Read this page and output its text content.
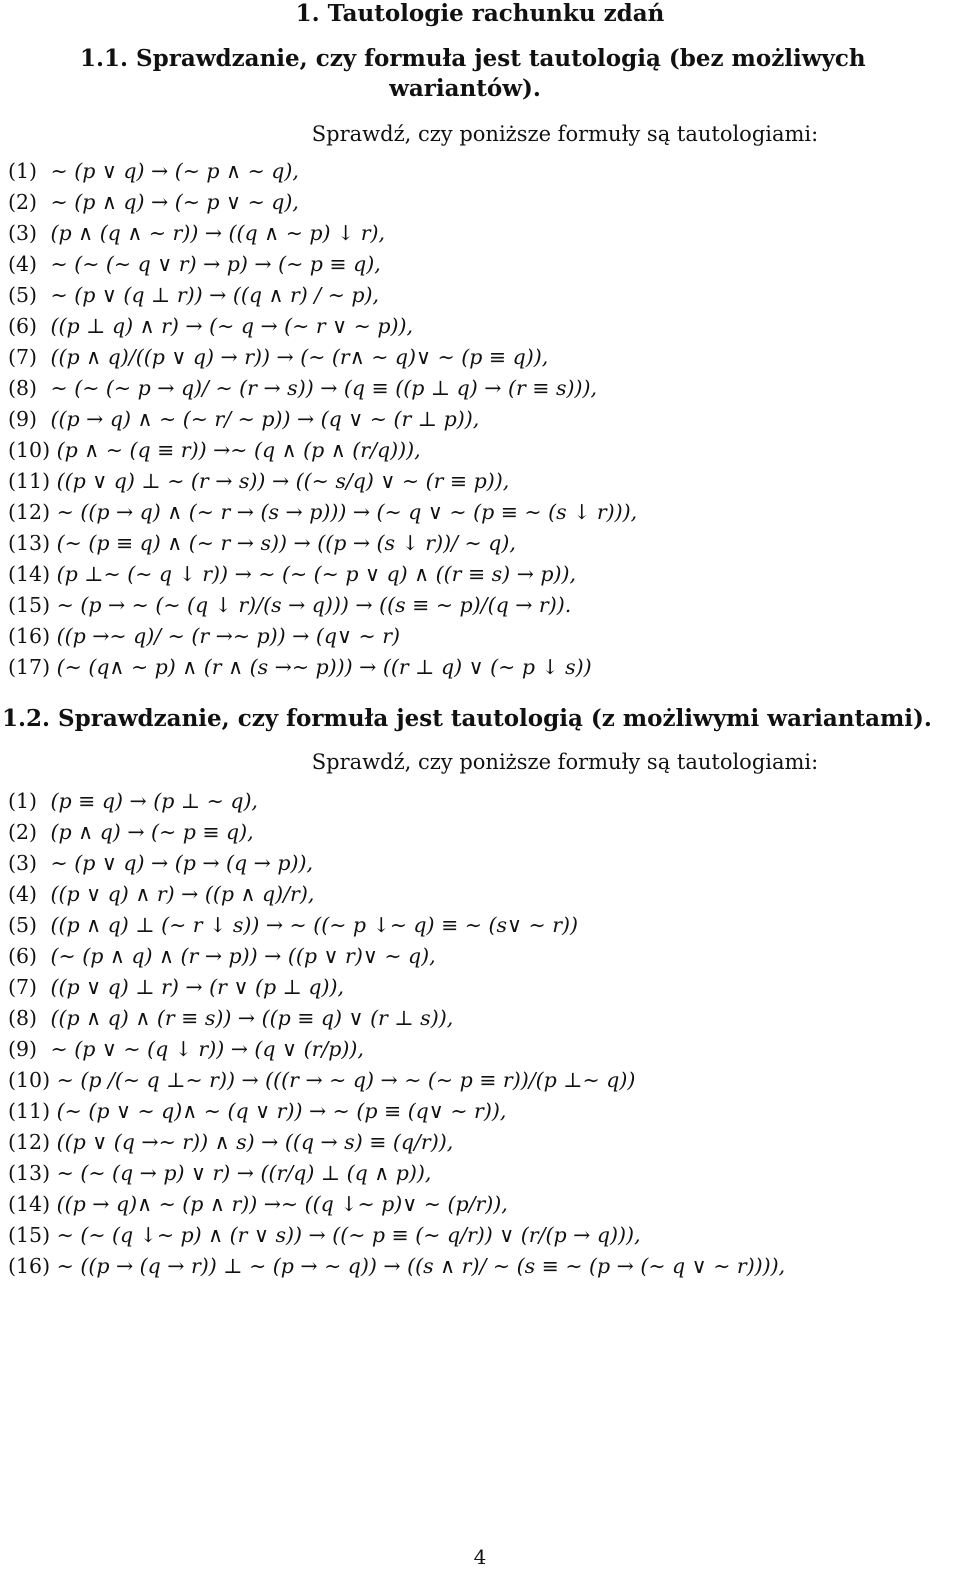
1. Tautologie rachunku zdań
1.1. Sprawdzanie, czy formuła jest tautologią (bez możliwych
wariantów).
Sprawdź, czy poniższe formuły są tautologiami:
(1) ∼ (p ∨ q) → (∼ p ∧ ∼ q),
(2) ∼ (p ∧ q) → (∼ p ∨ ∼ q),
(3) (p ∧ (q ∧ ∼ r)) → ((q ∧ ∼ p) ↓ r),
(4) ∼ (∼ (∼ q ∨ r) → p) → (∼ p ≡ q),
(5) ∼ (p ∨ (q ⊥ r)) → ((q ∧ r) / ∼ p),
(6) ((p ⊥ q) ∧ r) → (∼ q → (∼ r ∨ ∼ p)),
(7) ((p ∧ q)/((p ∨ q) → r)) → (∼ (r∧ ∼ q)∨ ∼ (p ≡ q)),
(8) ∼ (∼ (∼ p → q)/ ∼ (r → s)) → (q ≡ ((p ⊥ q) → (r ≡ s))),
(9) ((p → q) ∧ ∼ (∼ r/ ∼ p)) → (q ∨ ∼ (r ⊥ p)),
(10) (p ∧ ∼ (q ≡ r)) →∼ (q ∧ (p ∧ (r/q))),
(11) ((p ∨ q) ⊥ ∼ (r → s)) → ((∼ s/q) ∨ ∼ (r ≡ p)),
(12) ∼ ((p → q) ∧ (∼ r → (s → p))) → (∼ q ∨ ∼ (p ≡ ∼ (s ↓ r))),
(13) (∼ (p ≡ q) ∧ (∼ r → s)) → ((p → (s ↓ r))/ ∼ q),
(14) (p ⊥∼ (∼ q ↓ r)) → ∼ (∼ (∼ p ∨ q) ∧ ((r ≡ s) → p)),
(15) ∼ (p → ∼ (∼ (q ↓ r)/(s → q))) → ((s ≡ ∼ p)/(q → r)).
(16) ((p →∼ q)/ ∼ (r →∼ p)) → (q∨ ∼ r)
(17) (∼ (q∧ ∼ p) ∧ (r ∧ (s →∼ p))) → ((r ⊥ q) ∨ (∼ p ↓ s))
1.2. Sprawdzanie, czy formuła jest tautologią (z możliwymi wariantami).
Sprawdź, czy poniższe formuły są tautologiami:
(1) (p ≡ q) → (p ⊥ ∼ q),
(2) (p ∧ q) → (∼ p ≡ q),
(3) ∼ (p ∨ q) → (p → (q → p)),
(4) ((p ∨ q) ∧ r) → ((p ∧ q)/r),
(5) ((p ∧ q) ⊥ (∼ r ↓ s)) → ∼ ((∼ p ↓∼ q) ≡ ∼ (s∨ ∼ r))
(6) (∼ (p ∧ q) ∧ (r → p)) → ((p ∨ r)∨ ∼ q),
(7) ((p ∨ q) ⊥ r) → (r ∨ (p ⊥ q)),
(8) ((p ∧ q) ∧ (r ≡ s)) → ((p ≡ q) ∨ (r ⊥ s)),
(9) ∼ (p ∨ ∼ (q ↓ r)) → (q ∨ (r/p)),
(10) ∼ (p /(∼ q ⊥∼ r)) → (((r → ∼ q) → ∼ (∼ p ≡ r))/(p ⊥∼ q))
(11) (∼ (p ∨ ∼ q)∧ ∼ (q ∨ r)) → ∼ (p ≡ (q∨ ∼ r)),
(12) ((p ∨ (q →∼ r)) ∧ s) → ((q → s) ≡ (q/r)),
(13) ∼ (∼ (q → p) ∨ r) → ((r/q) ⊥ (q ∧ p)),
(14) ((p → q)∧ ∼ (p ∧ r)) →∼ ((q ↓∼ p)∨ ∼ (p/r)),
(15) ∼ (∼ (q ↓∼ p) ∧ (r ∨ s)) → ((∼ p ≡ (∼ q/r)) ∨ (r/(p → q))),
(16) ∼ ((p → (q → r)) ⊥ ∼ (p → ∼ q)) → ((s ∧ r)/ ∼ (s ≡ ∼ (p → (∼ q ∨ ∼ r)))),
4
